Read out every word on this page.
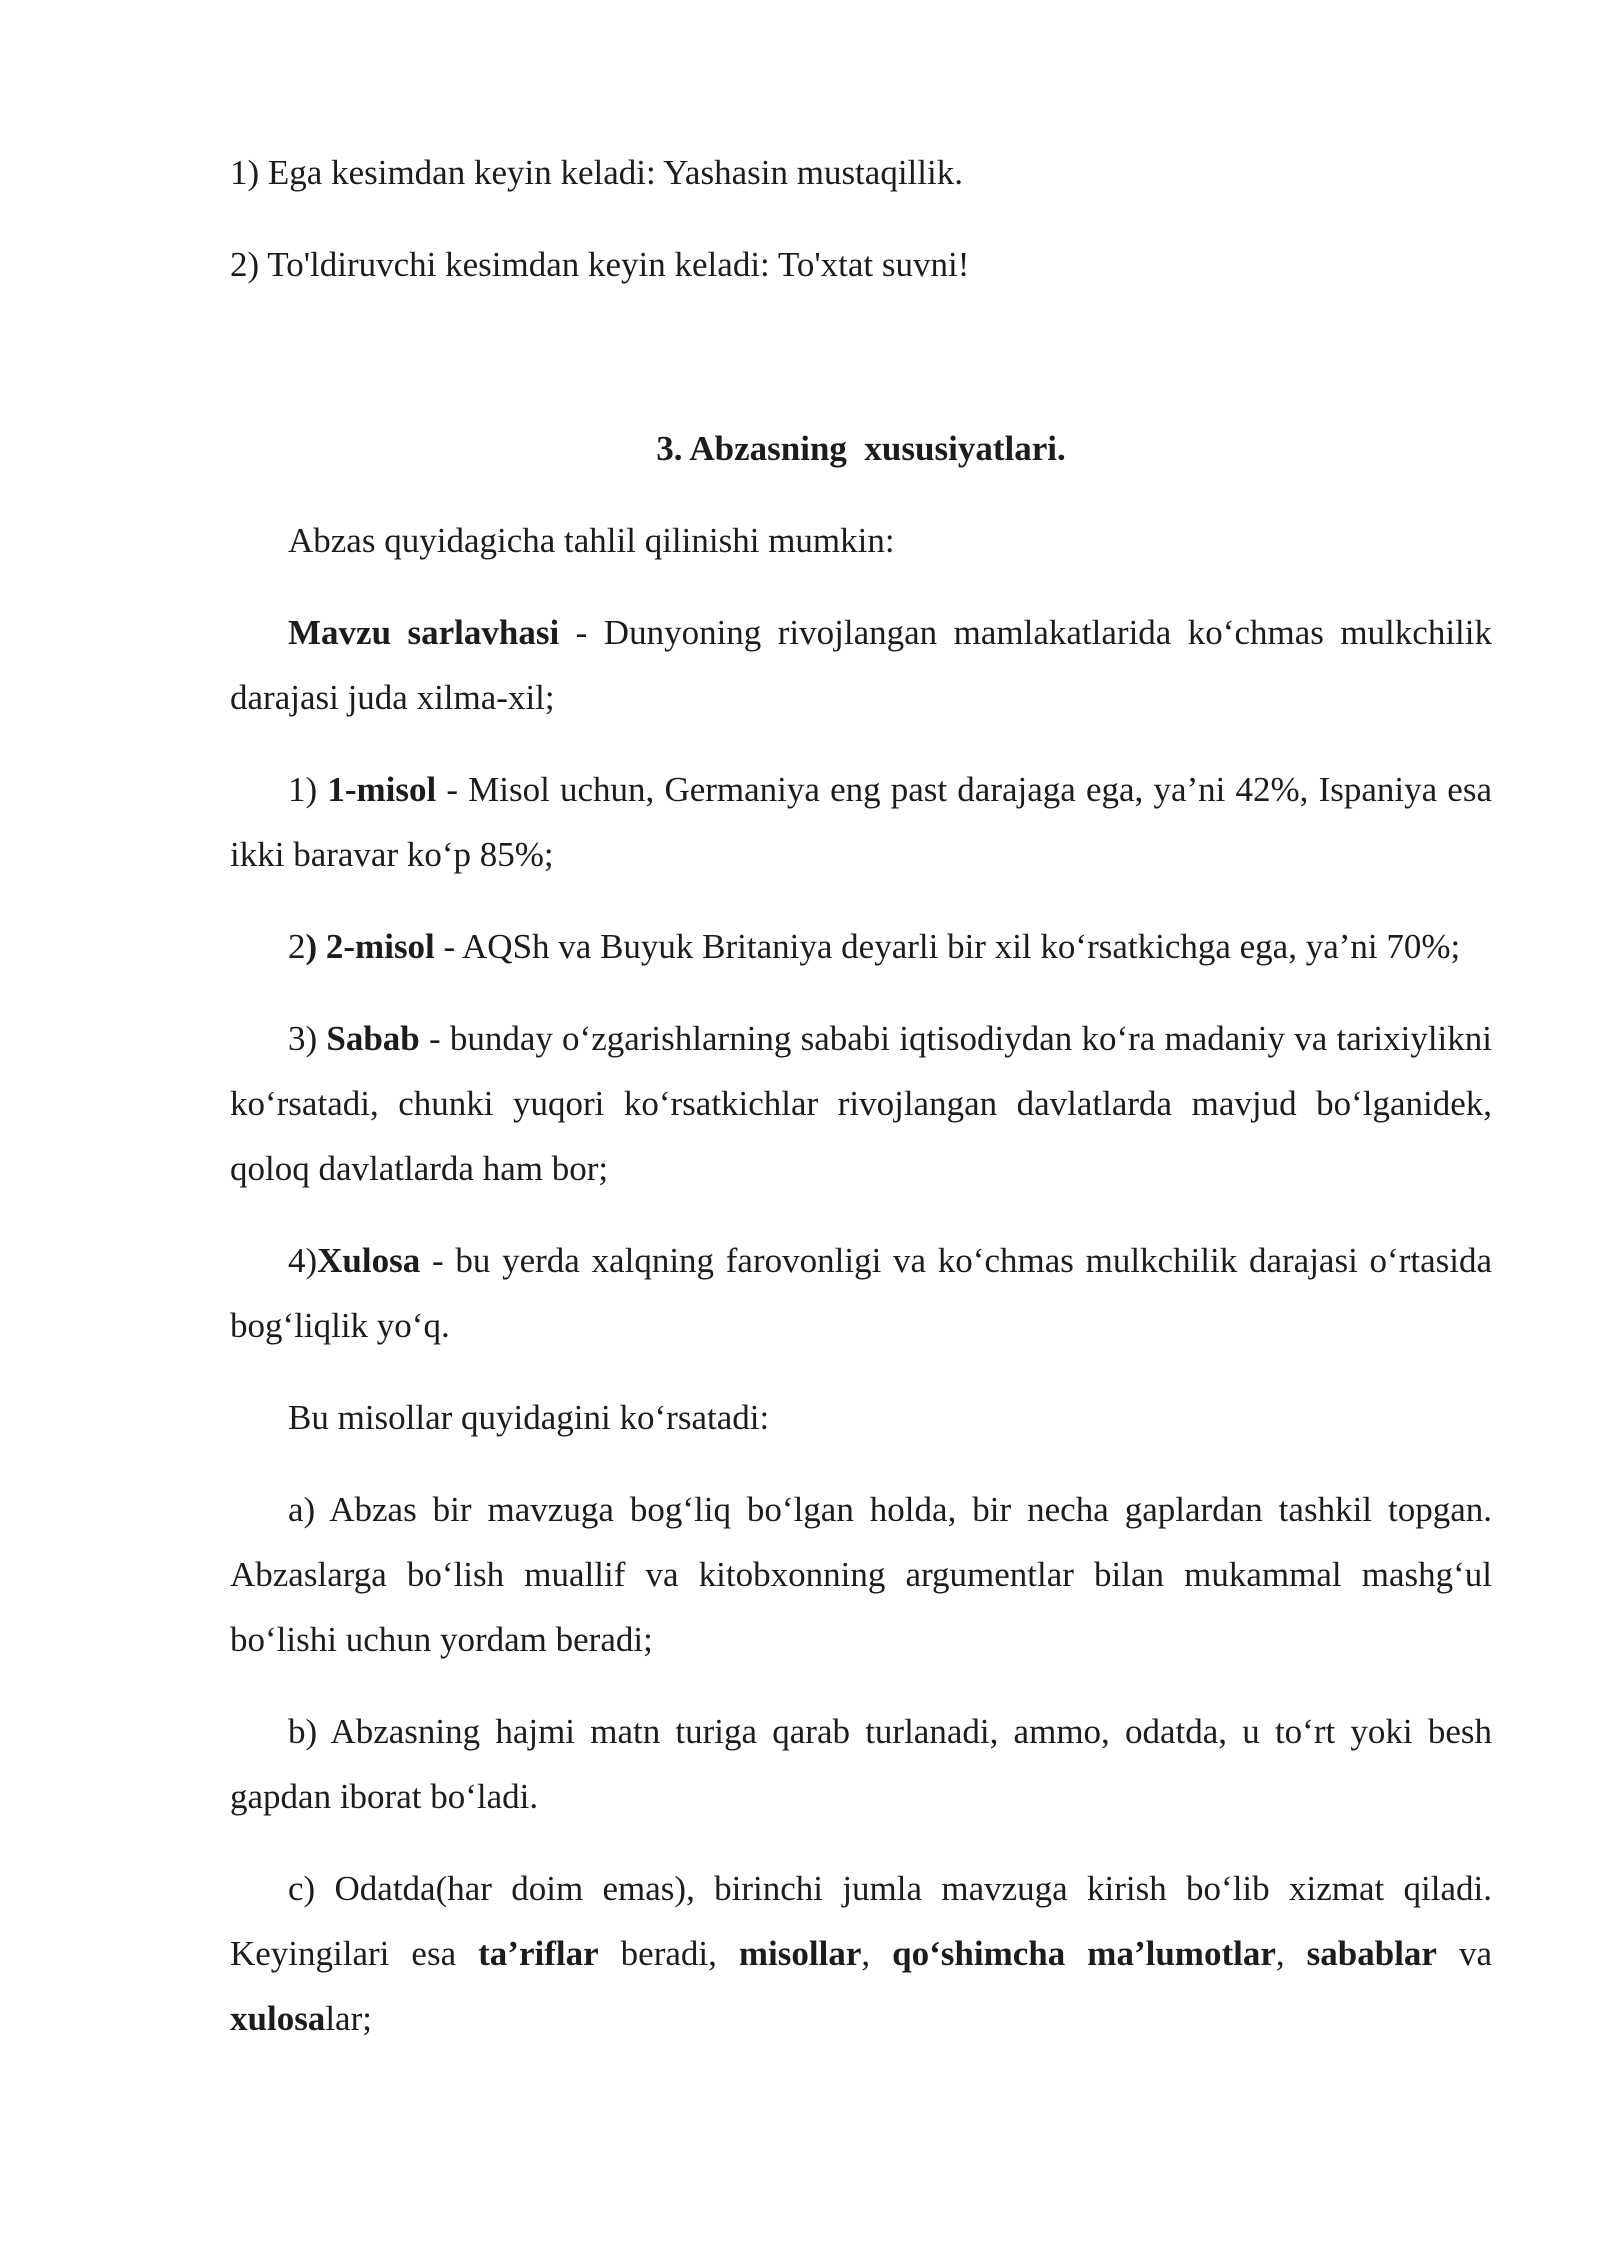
1) Ega kesimdan keyin keladi: Yashasin mustaqillik.

2) To'ldiruvchi kesimdan keyin keladi: To'xtat suvni!

3. Abzasning  xususiyatlari.

Abzas quyidagicha tahlil qilinishi mumkin:

Mavzu sarlavhasi - Dunyoning rivojlangan mamlakatlarida ko‘chmas mulkchilik darajasi juda xilma-xil;

1) 1-misol - Misol uchun, Germaniya eng past darajaga ega, ya’ni 42%, Ispaniya esa ikki baravar ko‘p 85%;

2) 2-misol - AQSh va Buyuk Britaniya deyarli bir xil ko‘rsatkichga ega, ya’ni 70%;

3) Sabab - bunday o‘zgarishlarning sababi iqtisodiydan ko‘ra madaniy va tarixiylikni ko‘rsatadi, chunki yuqori ko‘rsatkichlar rivojlangan davlatlarda mavjud bo‘lganidek, qoloq davlatlarda ham bor;

4)Xulosa - bu yerda xalqning farovonligi va ko‘chmas mulkchilik darajasi o‘rtasida bog‘liqlik yo‘q.

Bu misollar quyidagini ko‘rsatadi:

a) Abzas bir mavzuga bog‘liq bo‘lgan holda, bir necha gaplardan tashkil topgan. Abzaslarga bo‘lish muallif va kitobxonning argumentlar bilan mukammal mashg‘ul bo‘lishi uchun yordam beradi;

b) Abzasning hajmi matn turiga qarab turlanadi, ammo, odatda, u to‘rt yoki besh gapdan iborat bo‘ladi.

c) Odatda(har doim emas), birinchi jumla mavzuga kirish bo‘lib xizmat qiladi. Keyingilari esa ta’riflar beradi, misollar, qo‘shimcha ma’lumotlar, sabablar va xulosalar;
